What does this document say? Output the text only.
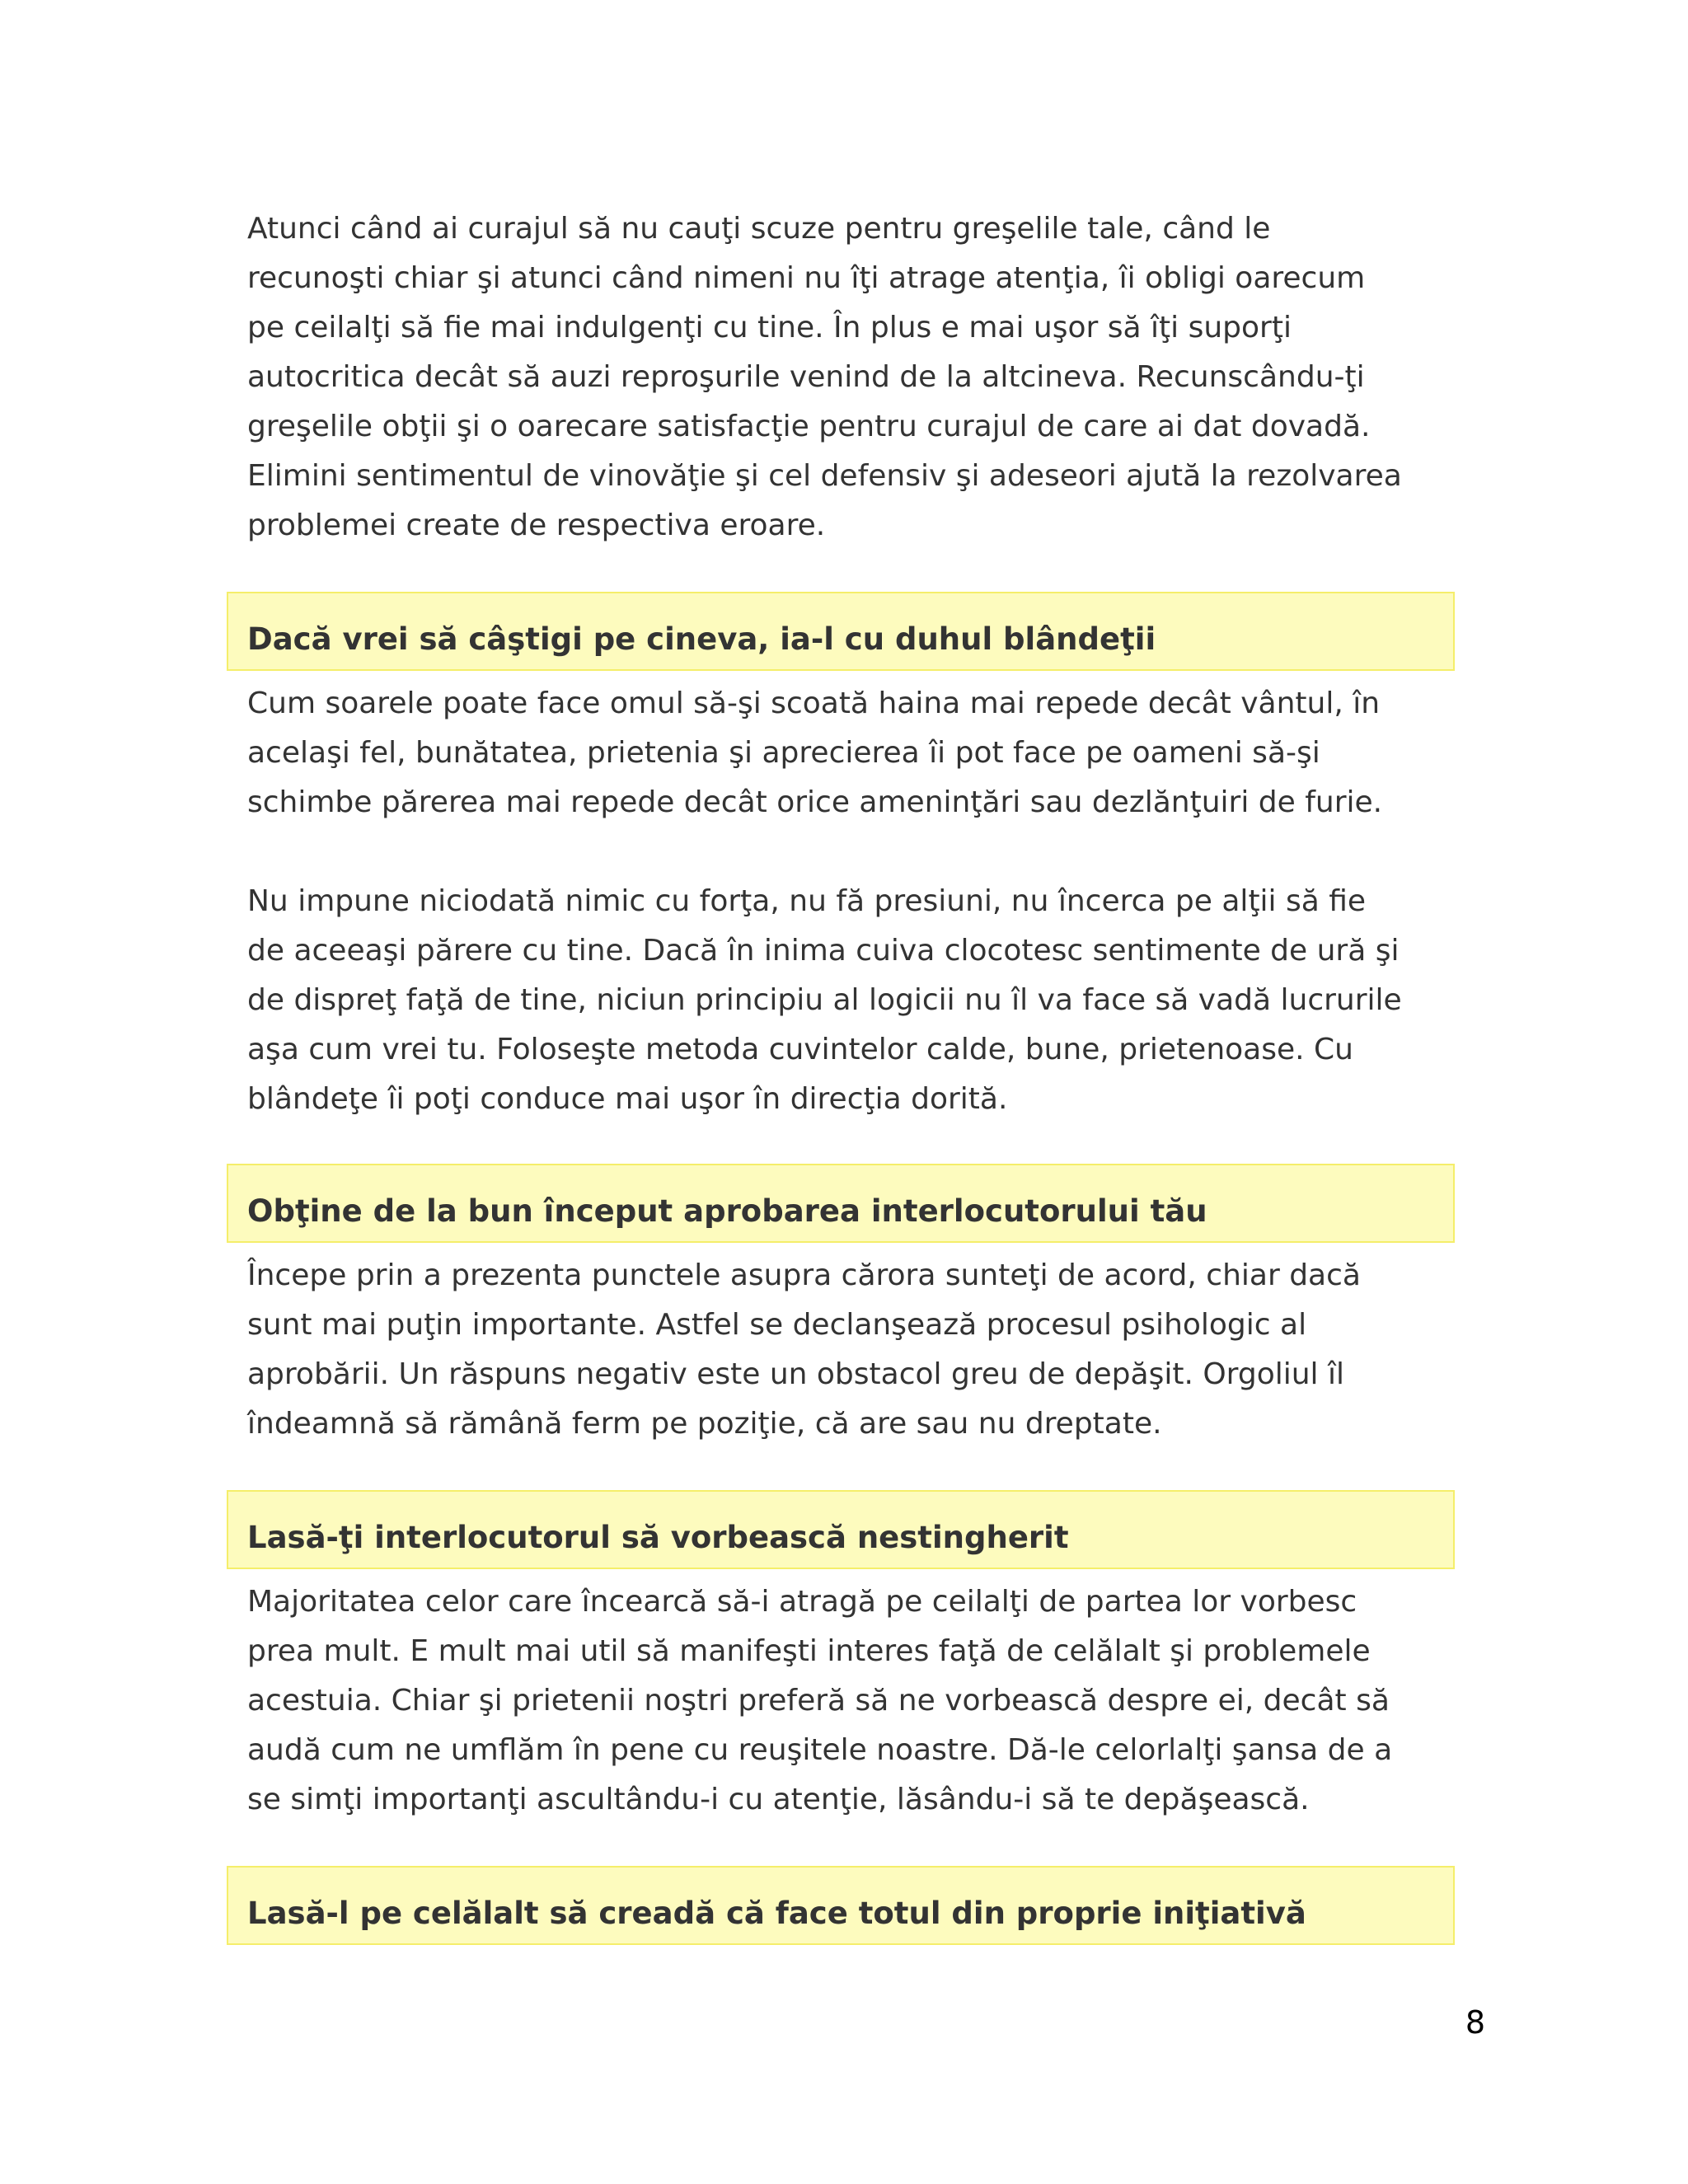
Atunci când ai curajul să nu cauţi scuze pentru greşelile tale, când le
recunoşti chiar şi atunci când nimeni nu îţi atrage atenţia, îi obligi oarecum
pe ceilalţi să fie mai indulgenţi cu tine. În plus e mai uşor să îţi suporţi
autocritica decât să auzi reproşurile venind de la altcineva. Recunscându-ţi
greşelile obţii şi o oarecare satisfacţie pentru curajul de care ai dat dovadă.
Elimini sentimentul de vinovăţie şi cel defensiv şi adeseori ajută la rezolvarea
problemei create de respectiva eroare.

Dacă vrei să câştigi pe cineva, ia-l cu duhul blândeţii

Cum soarele poate face omul să-şi scoată haina mai repede decât vântul, în
acelaşi fel, bunătatea, prietenia şi aprecierea îi pot face pe oameni să-şi
schimbe părerea mai repede decât orice ameninţări sau dezlănţuiri de furie.

Nu impune niciodată nimic cu forţa, nu fă presiuni, nu încerca pe alţii să fie
de aceeaşi părere cu tine. Dacă în inima cuiva clocotesc sentimente de ură şi
de dispreţ faţă de tine, niciun principiu al logicii nu îl va face să vadă lucrurile
aşa cum vrei tu. Foloseşte metoda cuvintelor calde, bune, prietenoase. Cu
blândeţe îi poţi conduce mai uşor în direcţia dorită.

Obţine de la bun început aprobarea interlocutorului tău

Începe prin a prezenta punctele asupra cărora sunteţi de acord, chiar dacă
sunt mai puţin importante. Astfel se declanşează procesul psihologic al
aprobării. Un răspuns negativ este un obstacol greu de depăşit. Orgoliul îl
îndeamnă să rămână ferm pe poziţie, că are sau nu dreptate.

Lasă-ţi interlocutorul să vorbească nestingherit

Majoritatea celor care încearcă să-i atragă pe ceilalţi de partea lor vorbesc
prea mult. E mult mai util să manifeşti interes faţă de celălalt şi problemele
acestuia. Chiar şi prietenii noştri preferă să ne vorbească despre ei, decât să
audă cum ne umflăm în pene cu reuşitele noastre. Dă-le celorlalţi şansa de a
se simţi importanţi ascultându-i cu atenţie, lăsându-i să te depăşească.

Lasă-l pe celălalt să creadă că face totul din proprie iniţiativă
8
